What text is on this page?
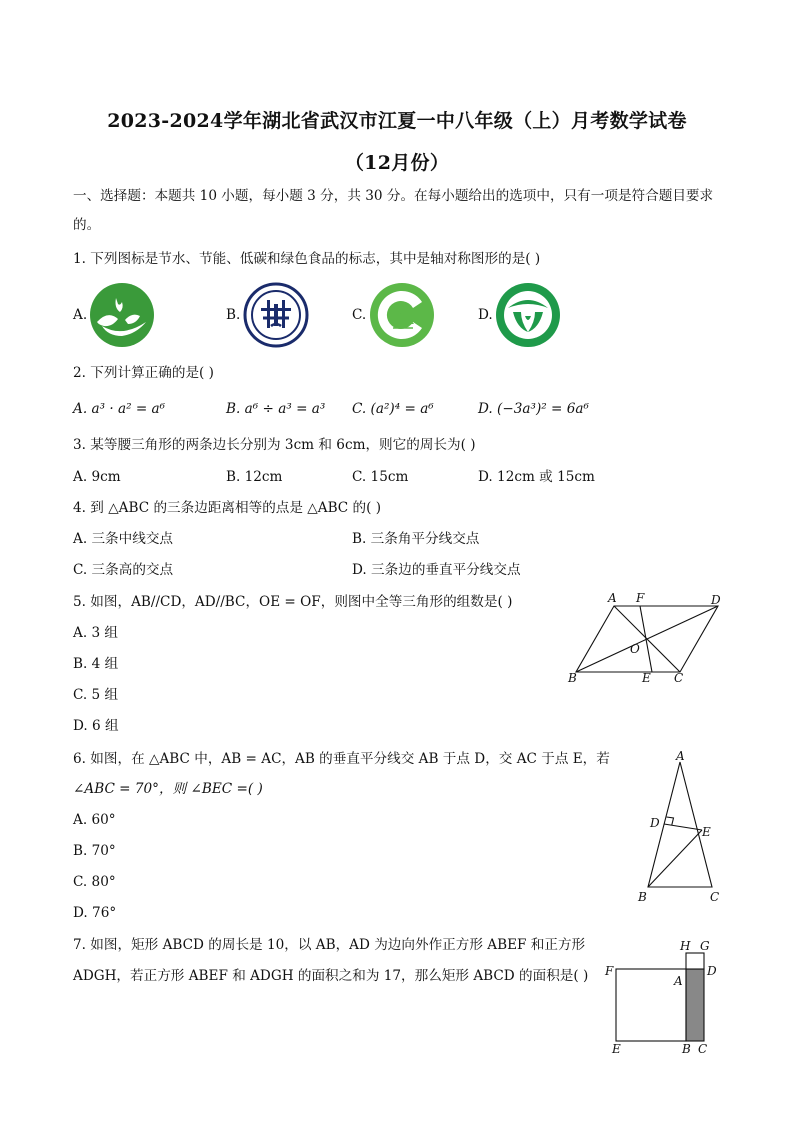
2023-2024学年湖北省武汉市江夏一中八年级（上）月考数学试卷
（12月份）
一、选择题：本题共 10 小题，每小题 3 分，共 30 分。在每小题给出的选项中，只有一项是符合题目要求
的。
1. 下列图标是节水、节能、低碳和绿色食品的标志，其中是轴对称图形的是( )
A.	B.	C.	D.
2. 下列计算正确的是( )
A. a³ · a² = a⁶	B. a⁶ ÷ a³ = a³ C. (a²)⁴ = a⁶	D. (−3a³)² = 6a⁶
3. 某等腰三角形的两条边长分别为 3cm 和 6cm，则它的周长为( )
A. 9cm	B. 12cm	C. 15cm	D. 12cm 或 15cm
4. 到 △ABC 的三条边距离相等的点是 △ABC 的( )
A. 三条中线交点	B. 三条角平分线交点
C. 三条高的交点	D. 三条边的垂直平分线交点
5. 如图，AB//CD，AD//BC，OE = OF，则图中全等三角形的组数是( )
A. 3 组
B. 4 组
C. 5 组
D. 6 组
A F	D
O
B	E C
6. 如图，在 △ABC 中，AB = AC，AB 的垂直平分线交 AB 于点 D，交 AC 于点 E，若
∠ABC = 70°，则 ∠BEC =( )
A. 60°
B. 70°
C. 80°
D. 76°
A
D
E
B	C
7. 如图，矩形 ABCD 的周长是 10，以 AB，AD 为边向外作正方形 ABEF 和正方形
ADGH，若正方形 ABEF 和 ADGH 的面积之和为 17，那么矩形 ABCD 的面积是( )
H G
F
A
D
E	B C
